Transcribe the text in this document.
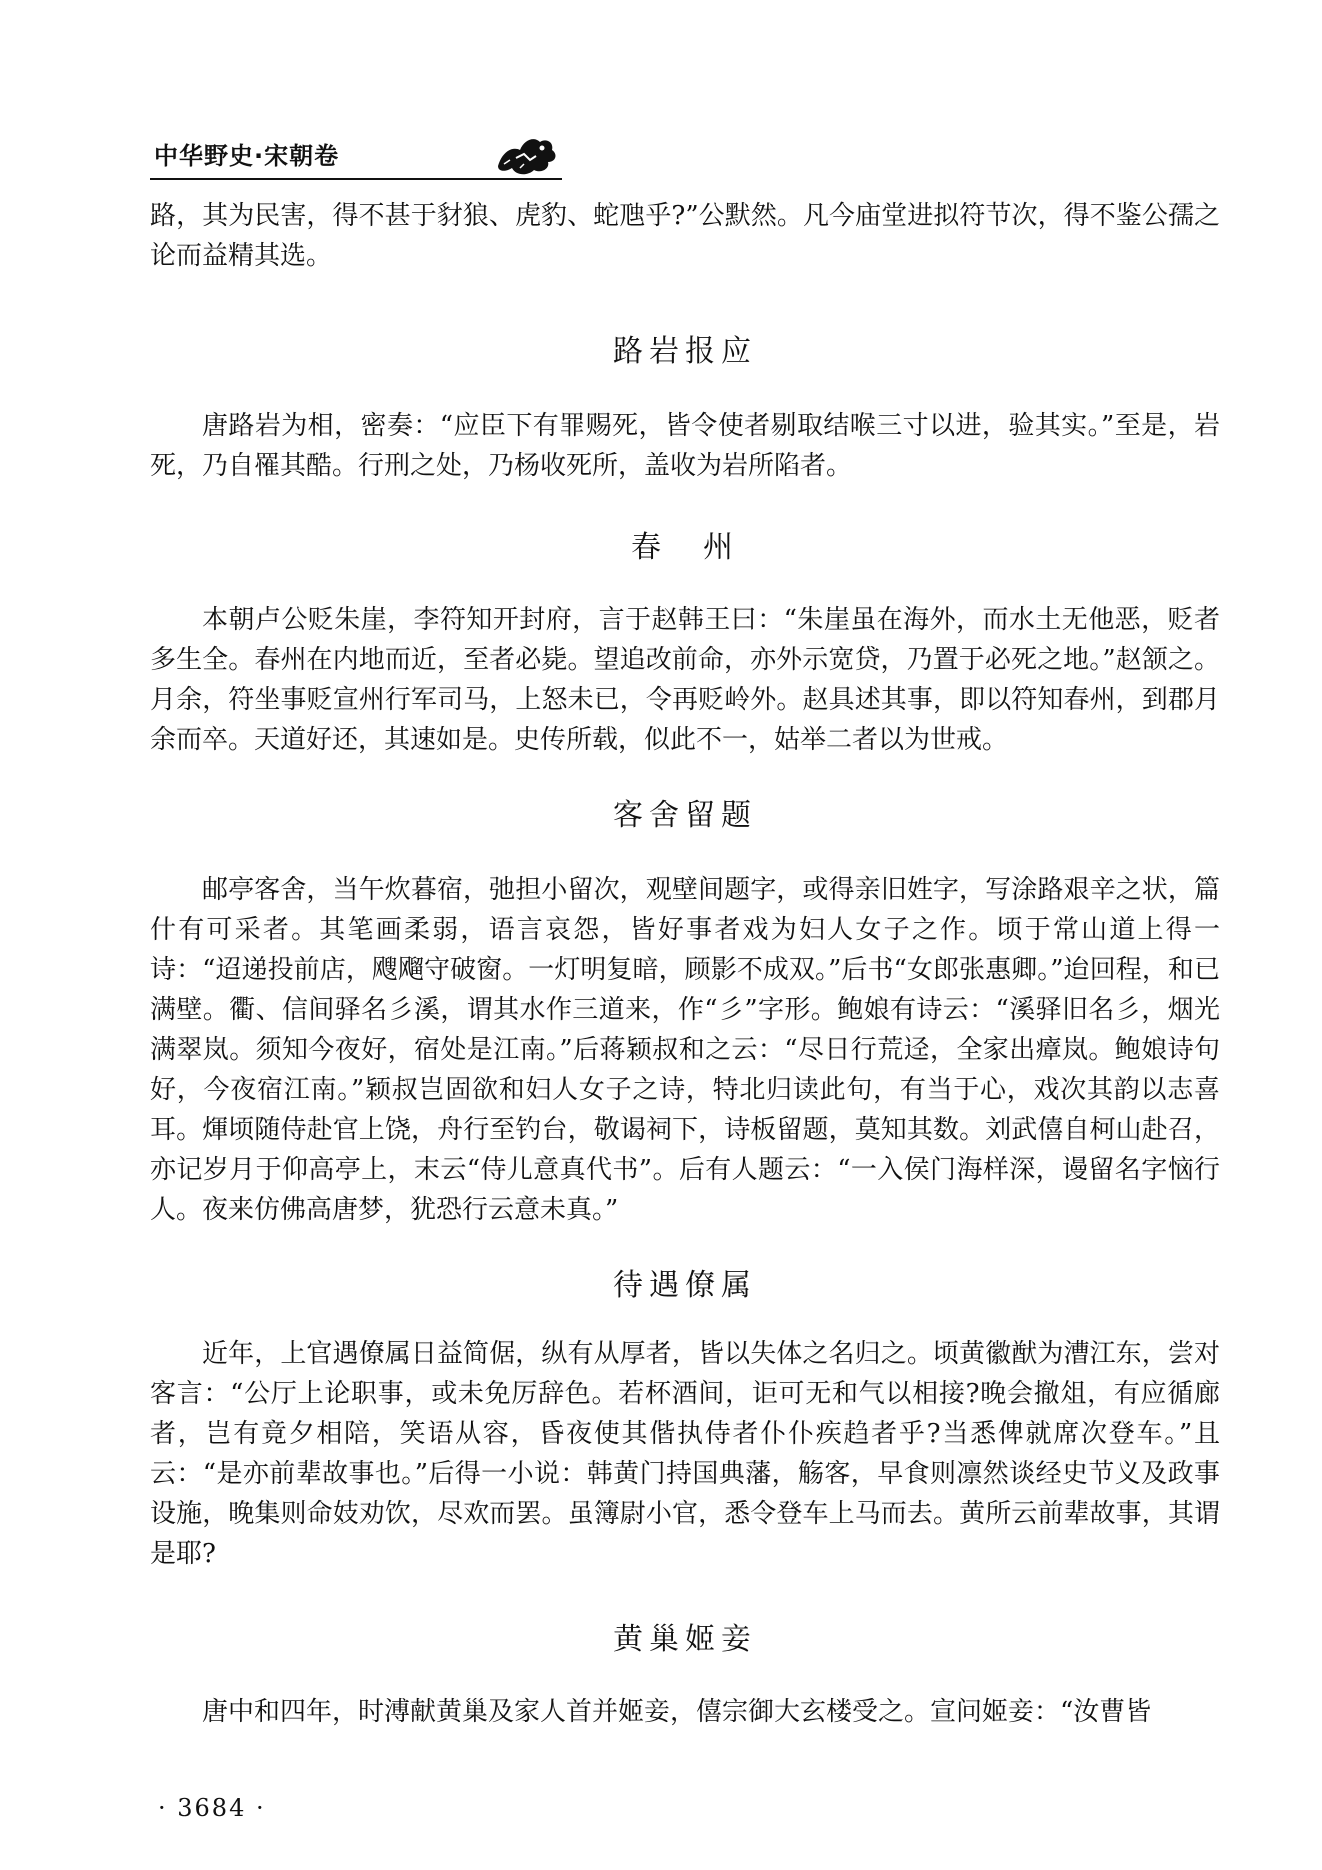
中华野史·宋朝卷

路，其为民害，得不甚于豺狼、虎豹、蛇虺乎?”公默然。凡今庙堂进拟符节次，得不鉴公孺之论而益精其选。

路岩报应

唐路岩为相，密奏：“应臣下有罪赐死，皆令使者剔取结喉三寸以进，验其实。”至是，岩死，乃自罹其酷。行刑之处，乃杨收死所，盖收为岩所陷者。

春　州

本朝卢公贬朱崖，李符知开封府，言于赵韩王曰：“朱崖虽在海外，而水土无他恶，贬者多生全。春州在内地而近，至者必毙。望追改前命，亦外示宽贷，乃置于必死之地。”赵颔之。月余，符坐事贬宣州行军司马，上怒未已，令再贬岭外。赵具述其事，即以符知春州，到郡月余而卒。天道好还，其速如是。史传所载，似此不一，姑举二者以为世戒。

客舍留题

邮亭客舍，当午炊暮宿，弛担小留次，观壁间题字，或得亲旧姓字，写涂路艰辛之状，篇什有可采者。其笔画柔弱，语言哀怨，皆好事者戏为妇人女子之作。顷于常山道上得一诗：“迢递投前店，飕飗守破窗。一灯明复暗，顾影不成双。”后书“女郎张惠卿。”迨回程，和已满壁。衢、信间驿名彡溪，谓其水作三道来，作“彡”字形。鲍娘有诗云：“溪驿旧名彡，烟光满翠岚。须知今夜好，宿处是江南。”后蒋颖叔和之云：“尽日行荒迳，全家出瘴岚。鲍娘诗句好，今夜宿江南。”颖叔岂固欲和妇人女子之诗，特北归读此句，有当于心，戏次其韵以志喜耳。煇顷随侍赴官上饶，舟行至钓台，敬谒祠下，诗板留题，莫知其数。刘武僖自柯山赴召，亦记岁月于仰高亭上，末云“侍儿意真代书”。后有人题云：“一入侯门海样深，谩留名字恼行人。夜来仿佛高唐梦，犹恐行云意未真。”

待遇僚属

近年，上官遇僚属日益简倨，纵有从厚者，皆以失体之名归之。顷黄徽猷为漕江东，尝对客言：“公厅上论职事，或未免厉辞色。若杯酒间，讵可无和气以相接?晚会撤俎，有应循廊者，岂有竟夕相陪，笑语从容，昏夜使其偕执侍者仆仆疾趋者乎?当悉俾就席次登车。”且云：“是亦前辈故事也。”后得一小说：韩黄门持国典藩，觞客，早食则凛然谈经史节义及政事设施，晚集则命妓劝饮，尽欢而罢。虽簿尉小官，悉令登车上马而去。黄所云前辈故事，其谓是耶?

黄巢姬妾

唐中和四年，时溥献黄巢及家人首并姬妾，僖宗御大玄楼受之。宣问姬妾：“汝曹皆

· 3684 ·
